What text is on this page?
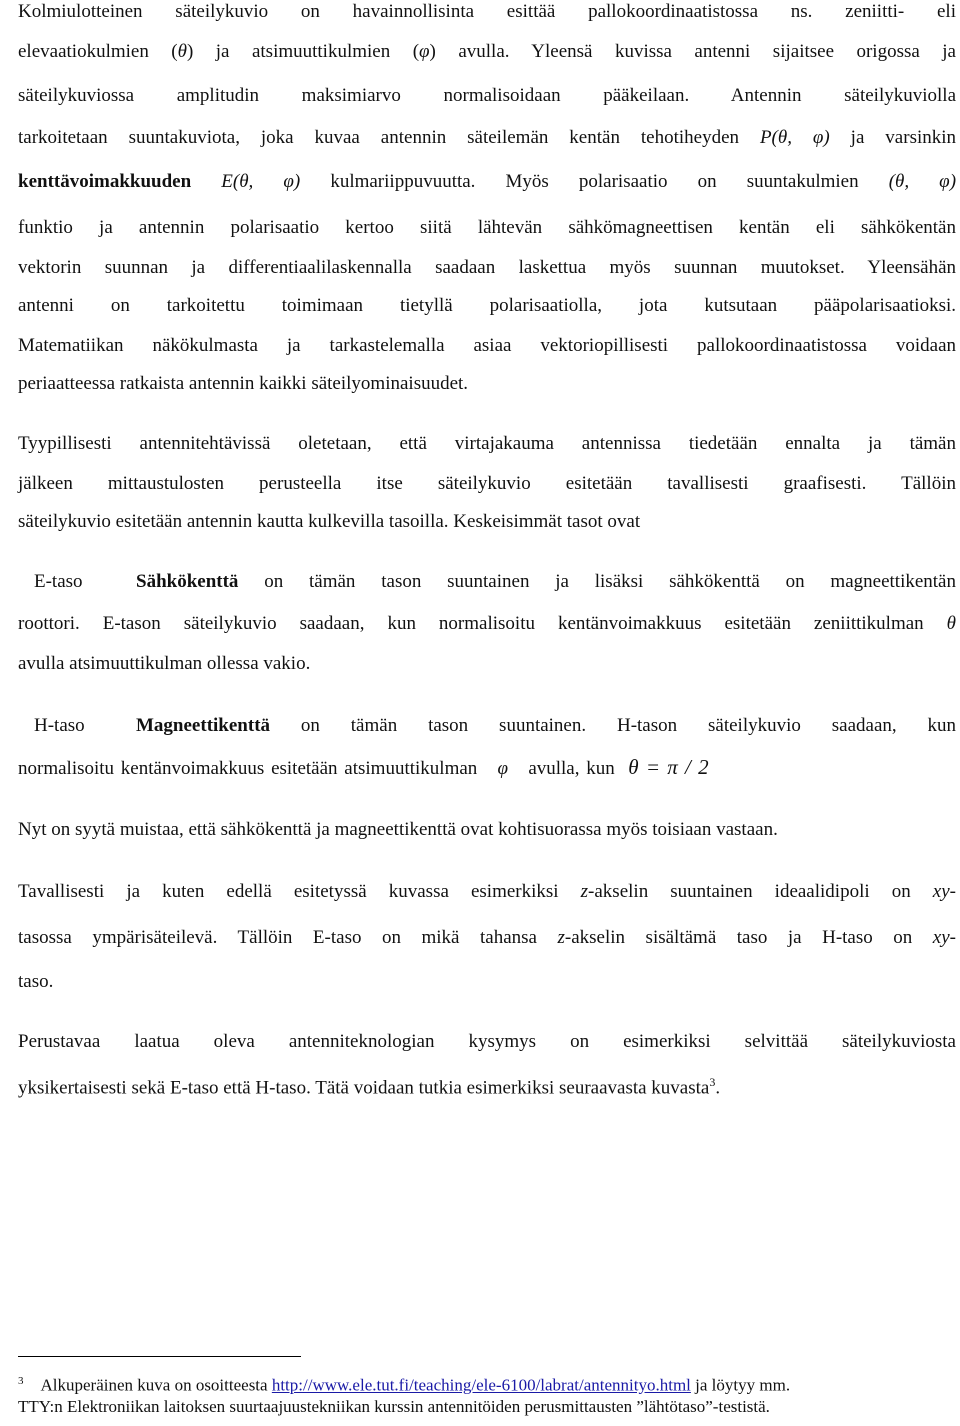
Kolmiulotteinen säteilykuvio on havainnollisinta esittää pallokoordinaatistossa ns. zeniitti- eli
elevaatiokulmien (θ) ja atsimuuttikulmien (φ) avulla. Yleensä kuvissa antenni sijaitsee origossa ja
säteilykuviossa amplitudin maksimiarvo normalisoidaan pääkeilaan. Antennin säteilykuviolla
tarkoitetaan suuntakuviota, joka kuvaa antennin säteilemän kentän tehotiheyden P(θ, φ) ja varsinkin
kenttävoimakkuuden E(θ, φ) kulmariippuvuutta. Myös polarisaatio on suuntakulmien (θ, φ)
funktio ja antennin polarisaatio kertoo siitä lähtevän sähkömagneettisen kentän eli sähkökentän
vektorin suunnan ja differentiaalilaskennalla saadaan laskettua myös suunnan muutokset. Yleensähän
antenni on tarkoitettu toimimaan tietyllä polarisaatiolla, jota kutsutaan pääpolarisaatioksi.
Matematiikan näkökulmasta ja tarkastelemalla asiaa vektoriopillisesti pallokoordinaatistossa voidaan
periaatteessa ratkaista antennin kaikki säteilyominaisuudet.
Tyypillisesti antennitehtävissä oletetaan, että virtajakauma antennissa tiedetään ennalta ja tämän
jälkeen mittaustulosten perusteella itse säteilykuvio esitetään tavallisesti graafisesti. Tällöin
säteilykuvio esitetään antennin kautta kulkevilla tasoilla. Keskeisimmät tasot ovat
E-taso	Sähkökenttä on tämän tason suuntainen ja lisäksi sähkökenttä on magneettikentän
roottori. E-tason säteilykuvio saadaan, kun normalisoitu kentänvoimakkuus esitetään zeniittikulman θ
avulla atsimuuttikulman ollessa vakio.
H-taso	Magneettikenttä on tämän tason suuntainen. H-tason säteilykuvio saadaan, kun
normalisoitu kentänvoimakkuus esitetään atsimuuttikulman φ avulla, kun θ = π / 2
Nyt on syytä muistaa, että sähkökenttä ja magneettikenttä ovat kohtisuorassa myös toisiaan vastaan.
Tavallisesti ja kuten edellä esitetyssä kuvassa esimerkiksi z-akselin suuntainen ideaalidipoli on xy-
tasossa ympärisäteilevä. Tällöin E-taso on mikä tahansa z-akselin sisältämä taso ja H-taso on xy-
taso.
Perustavaa laatua oleva antenniteknologian kysymys on esimerkiksi selvittää säteilykuviosta
yksikertaisesti sekä E-taso että H-taso. Tätä voidaan tutkia esimerkiksi seuraavasta kuvasta$^3$.
$^3$ Alkuperäinen kuva on osoitteesta http://www.ele.tut.fi/teaching/ele-6100/labrat/antennityo.html ja löytyy mm.
TTY:n Elektroniikan laitoksen suurtaajuustekniikan kurssin antennitöiden perusmittausten ”lähtötaso”-testistä.
